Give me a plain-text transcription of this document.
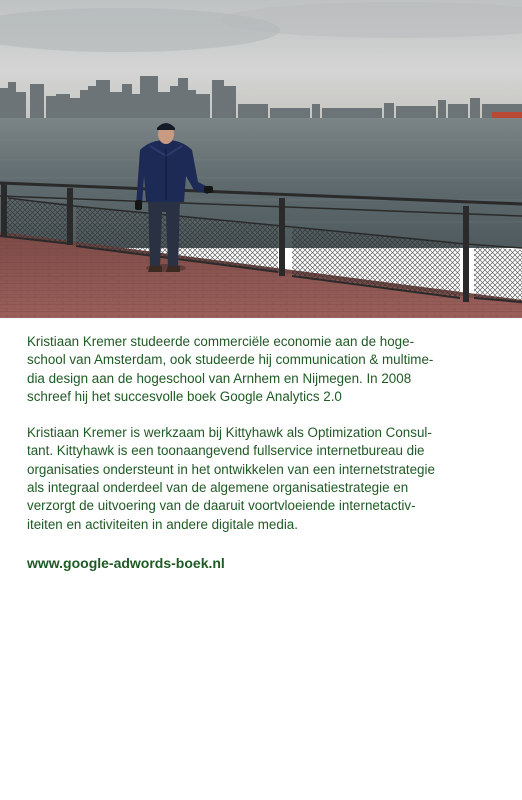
Kristiaan Kremer studeerde commerciële economie aan de hoge-
school van Amsterdam, ook studeerde hij communication & multime-
dia design aan de hogeschool van Arnhem en Nijmegen. In 2008
schreef hij het succesvolle boek Google Analytics 2.0

Kristiaan Kremer is werkzaam bij Kittyhawk als Optimization Consul-
tant. Kittyhawk is een toonaangevend fullservice internetbureau die
organisaties ondersteunt in het ontwikkelen van een internetstrategie
als integraal onderdeel van de algemene organisatiestrategie en
verzorgt de uitvoering van de daaruit voortvloeiende internetactiv-
iteiten en activiteiten in andere digitale media.

www.google-adwords-boek.nl
